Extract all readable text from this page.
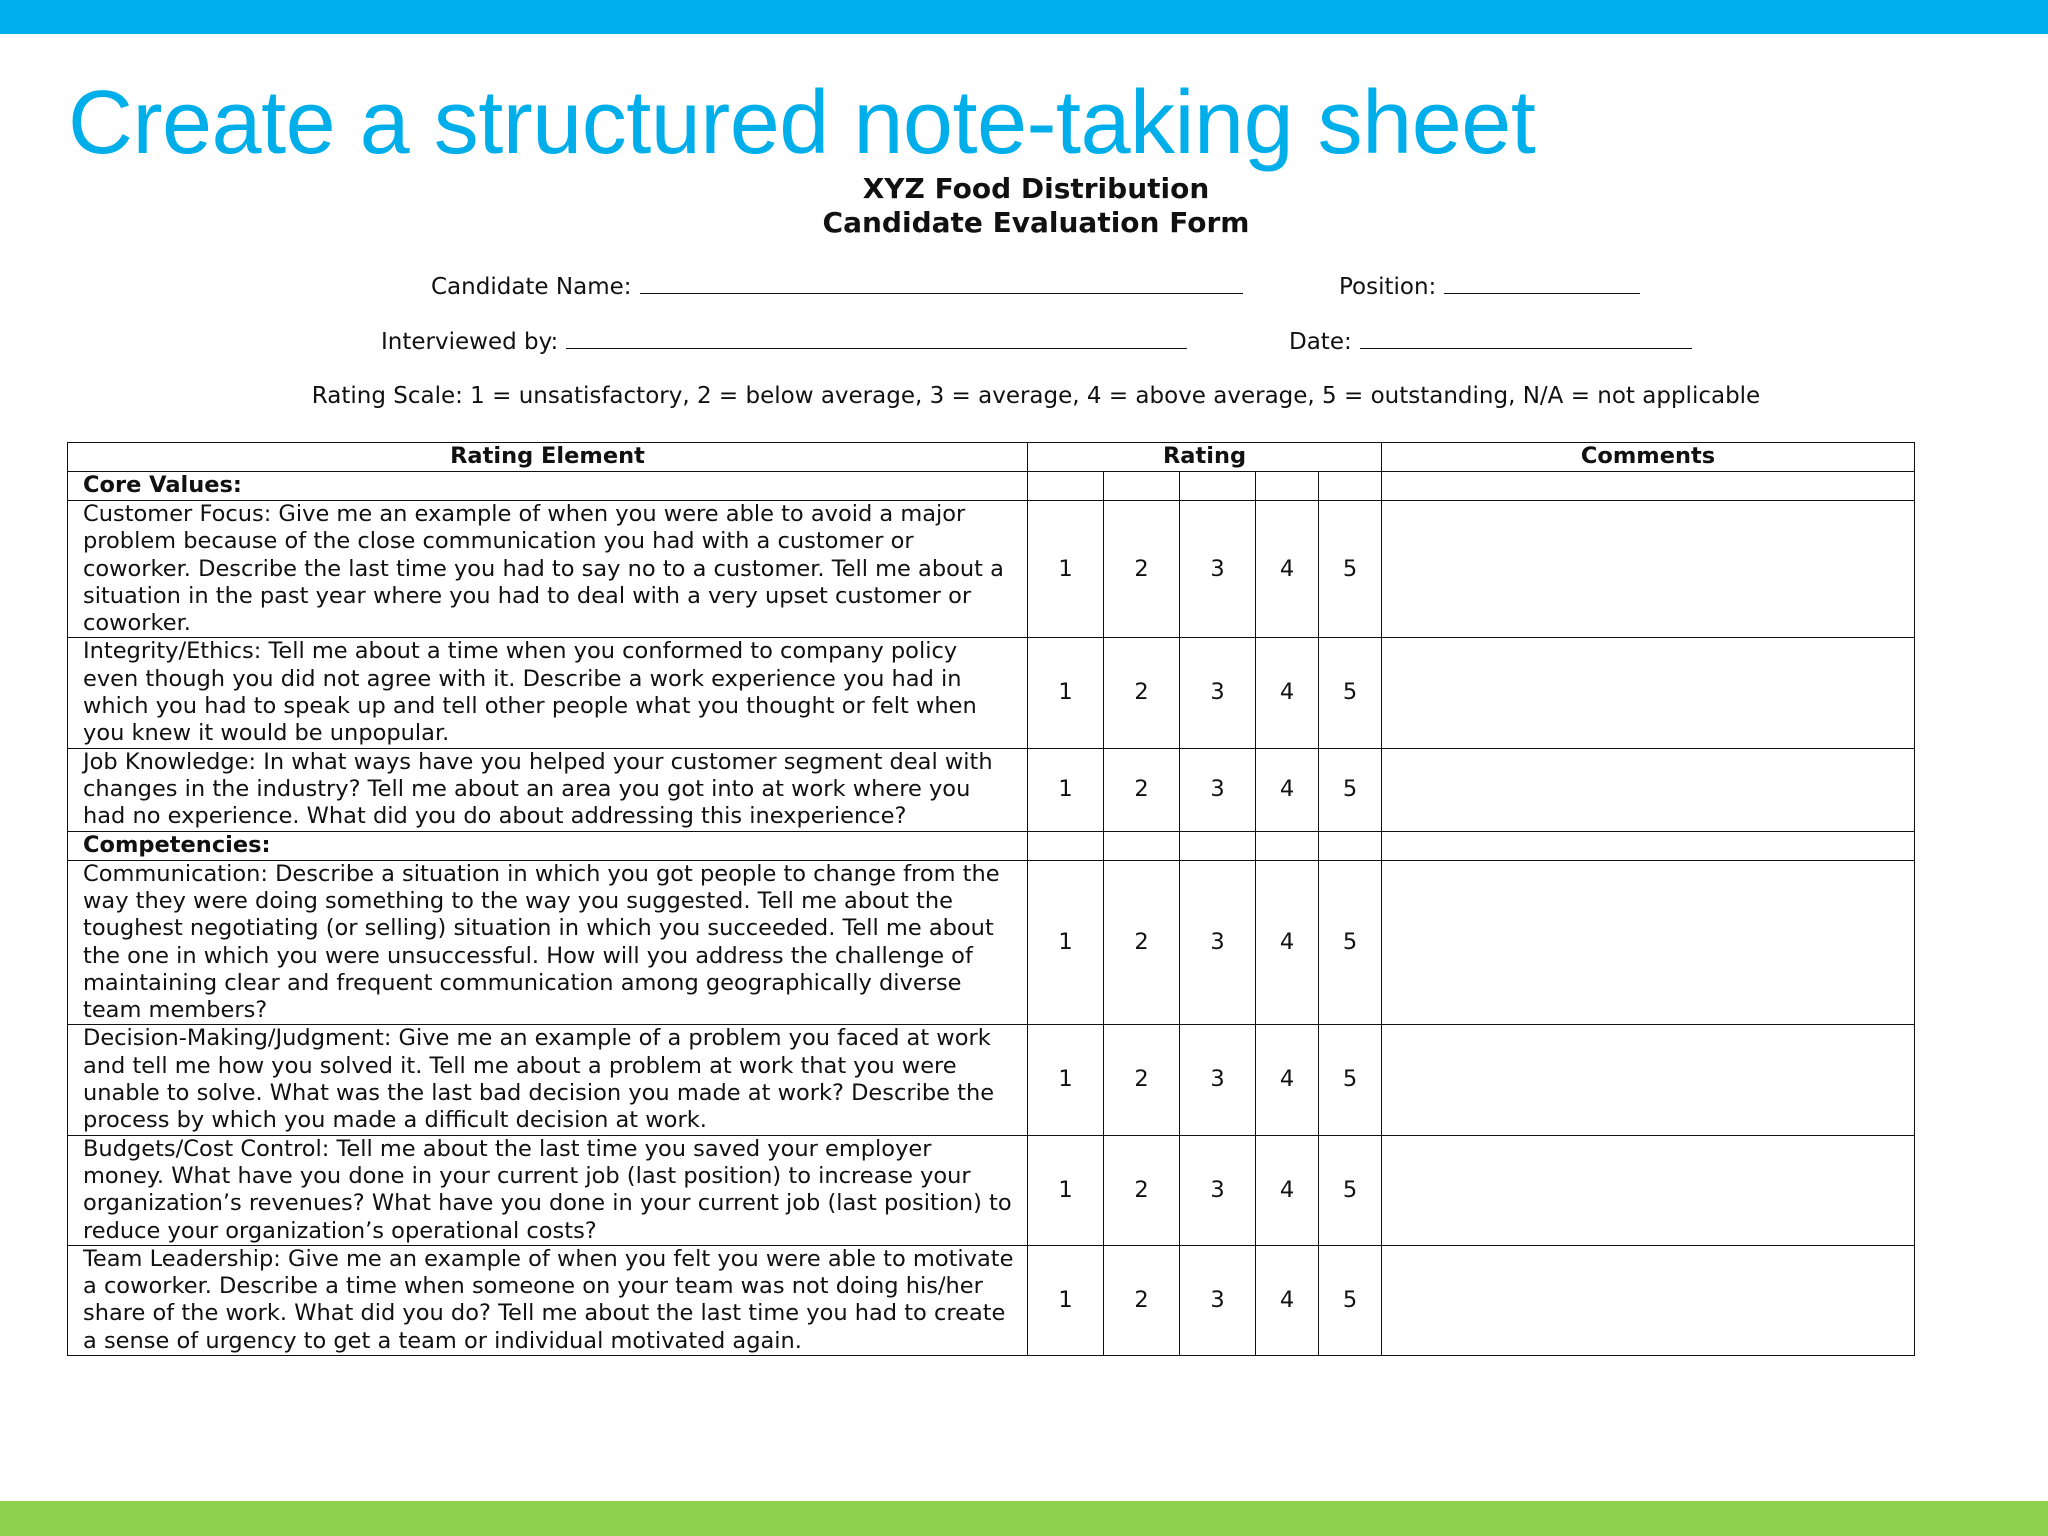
Create a structured note-taking sheet

XYZ Food Distribution

Candidate Evaluation Form

Candidate Name:	Position:
Interviewed by:	Date:

Rating Scale: 1 = unsatisfactory, 2 = below average, 3 = average, 4 = above average, 5 = outstanding, N/A = not applicable

Rating Element	Rating					Comments
Core Values:						
Customer Focus: Give me an example of when you were able to avoid a major problem because of the close communication you had with a customer or coworker. Describe the last time you had to say no to a customer. Tell me about a situation in the past year where you had to deal with a very upset customer or coworker.	1	2	3	4	5	
Integrity/Ethics: Tell me about a time when you conformed to company policy even though you did not agree with it. Describe a work experience you had in which you had to speak up and tell other people what you thought or felt when you knew it would be unpopular.	1	2	3	4	5	
Job Knowledge: In what ways have you helped your customer segment deal with changes in the industry? Tell me about an area you got into at work where you had no experience. What did you do about addressing this inexperience?	1	2	3	4	5	
Competencies:						
Communication: Describe a situation in which you got people to change from the way they were doing something to the way you suggested. Tell me about the toughest negotiating (or selling) situation in which you succeeded. Tell me about the one in which you were unsuccessful. How will you address the challenge of maintaining clear and frequent communication among geographically diverse team members?	1	2	3	4	5	
Decision-Making/Judgment: Give me an example of a problem you faced at work and tell me how you solved it. Tell me about a problem at work that you were unable to solve. What was the last bad decision you made at work? Describe the process by which you made a difficult decision at work.	1	2	3	4	5	
Budgets/Cost Control: Tell me about the last time you saved your employer money. What have you done in your current job (last position) to increase your organization’s revenues? What have you done in your current job (last position) to reduce your organization’s operational costs?	1	2	3	4	5	
Team Leadership: Give me an example of when you felt you were able to motivate a coworker. Describe a time when someone on your team was not doing his/her share of the work. What did you do? Tell me about the last time you had to create a sense of urgency to get a team or individual motivated again.	1	2	3	4	5	
